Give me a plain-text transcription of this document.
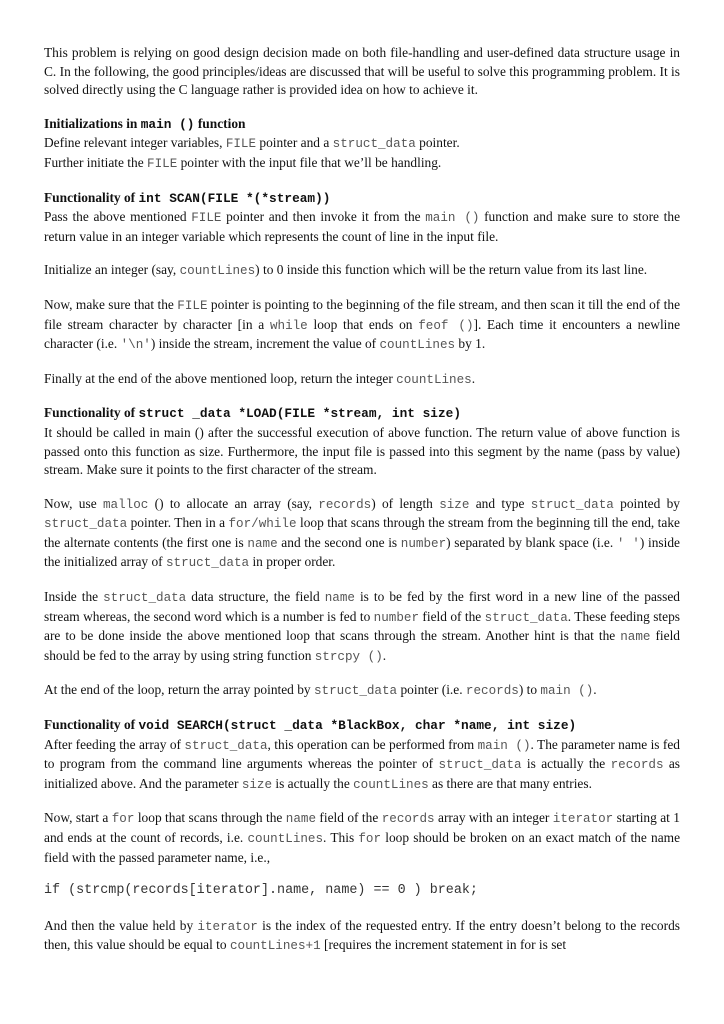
This problem is relying on good design decision made on both file-handling and user-defined data structure usage in C. In the following, the good principles/ideas are discussed that will be useful to solve this programming problem. It is solved directly using the C language rather is provided idea on how to achieve it.
Initializations in main () function
Define relevant integer variables, FILE pointer and a struct_data pointer.
Further initiate the FILE pointer with the input file that we’ll be handling.
Functionality of int SCAN(FILE *(*stream))
Pass the above mentioned FILE pointer and then invoke it from the main () function and make sure to store the return value in an integer variable which represents the count of line in the input file.
Initialize an integer (say, countLines) to 0 inside this function which will be the return value from its last line.
Now, make sure that the FILE pointer is pointing to the beginning of the file stream, and then scan it till the end of the file stream character by character [in a while loop that ends on feof ()]. Each time it encounters a newline character (i.e. '\n') inside the stream, increment the value of countLines by 1.
Finally at the end of the above mentioned loop, return the integer countLines.
Functionality of struct _data *LOAD(FILE *stream, int size)
It should be called in main () after the successful execution of above function. The return value of above function is passed onto this function as size. Furthermore, the input file is passed into this segment by the name (pass by value) stream. Make sure it points to the first character of the stream.
Now, use malloc () to allocate an array (say, records) of length size and type struct_data pointed by struct_data pointer. Then in a for/while loop that scans through the stream from the beginning till the end, take the alternate contents (the first one is name and the second one is number) separated by blank space (i.e. ' ') inside the initialized array of struct_data in proper order.
Inside the struct_data data structure, the field name is to be fed by the first word in a new line of the passed stream whereas, the second word which is a number is fed to number field of the struct_data. These feeding steps are to be done inside the above mentioned loop that scans through the stream. Another hint is that the name field should be fed to the array by using string function strcpy ().
At the end of the loop, return the array pointed by struct_data pointer (i.e. records) to main ().
Functionality of void SEARCH(struct _data *BlackBox, char *name, int size)
After feeding the array of struct_data, this operation can be performed from main (). The parameter name is fed to program from the command line arguments whereas the pointer of struct_data is actually the records as initialized above. And the parameter size is actually the countLines as there are that many entries.
Now, start a for loop that scans through the name field of the records array with an integer iterator starting at 1 and ends at the count of records, i.e. countLines. This for loop should be broken on an exact match of the name field with the passed parameter name, i.e.,
if (strcmp(records[iterator].name, name) == 0 ) break;
And then the value held by iterator is the index of the requested entry. If the entry doesn’t belong to the records then, this value should be equal to countLines+1 [requires the increment statement in for is set
